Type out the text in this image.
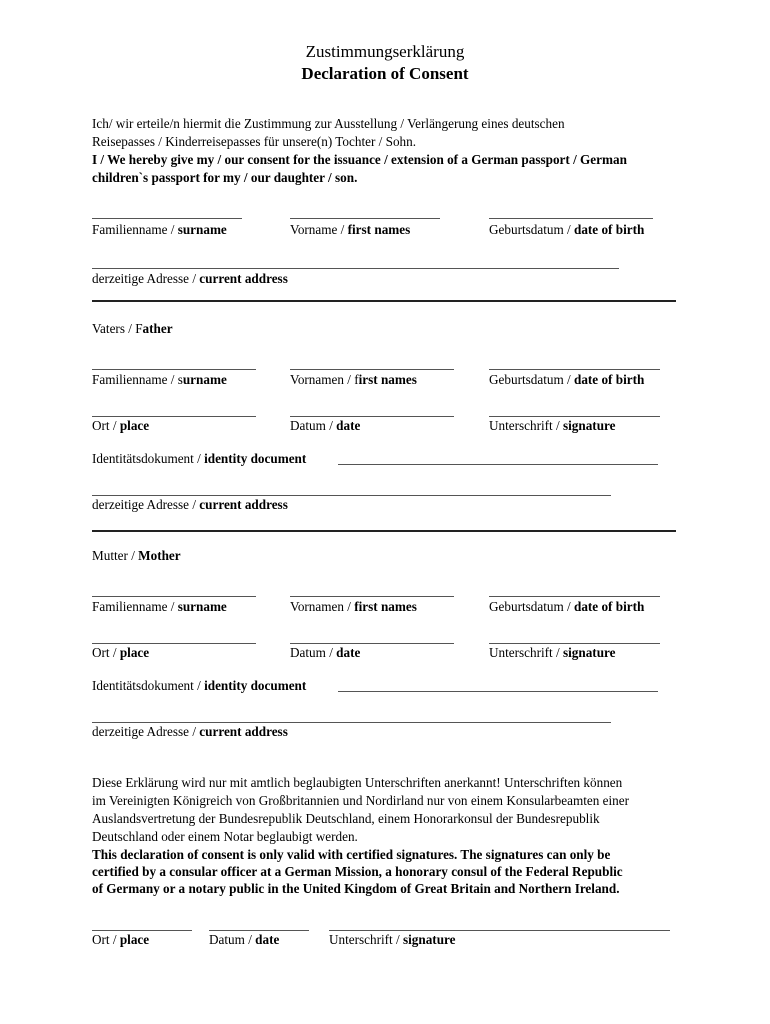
Zustimmungserklärung
Declaration of Consent
Ich/ wir erteile/n hiermit die Zustimmung zur Ausstellung / Verlängerung eines deutschen
Reisepasses / Kinderreisepasses für unsere(n) Tochter / Sohn.
I / We hereby give my / our consent for the issuance / extension of a German passport / German
children`s passport for my / our daughter / son.
Familienname / surname	Vorname / first names	Geburtsdatum / date of birth
derzeitige Adresse / current address
Vaters / Father
Familienname / surname	Vornamen / first names	Geburtsdatum / date of birth
Ort / place	Datum / date	Unterschrift / signature
Identitätsdokument / identity document
derzeitige Adresse / current address
Mutter / Mother
Familienname / surname	Vornamen / first names	Geburtsdatum / date of birth
Ort / place	Datum / date	Unterschrift / signature
Identitätsdokument / identity document
derzeitige Adresse / current address
Diese Erklärung wird nur mit amtlich beglaubigten Unterschriften anerkannt! Unterschriften können
im Vereinigten Königreich von Großbritannien und Nordirland nur von einem Konsularbeamten einer
Auslandsvertretung der Bundesrepublik Deutschland, einem Honorarkonsul der Bundesrepublik
Deutschland oder einem Notar beglaubigt werden.
This declaration of consent is only valid with certified signatures. The signatures can only be
certified by a consular officer at a German Mission, a honorary consul of the Federal Republic
of Germany or a notary public in the United Kingdom of Great Britain and Northern Ireland.
Ort / place	Datum / date	Unterschrift / signature
